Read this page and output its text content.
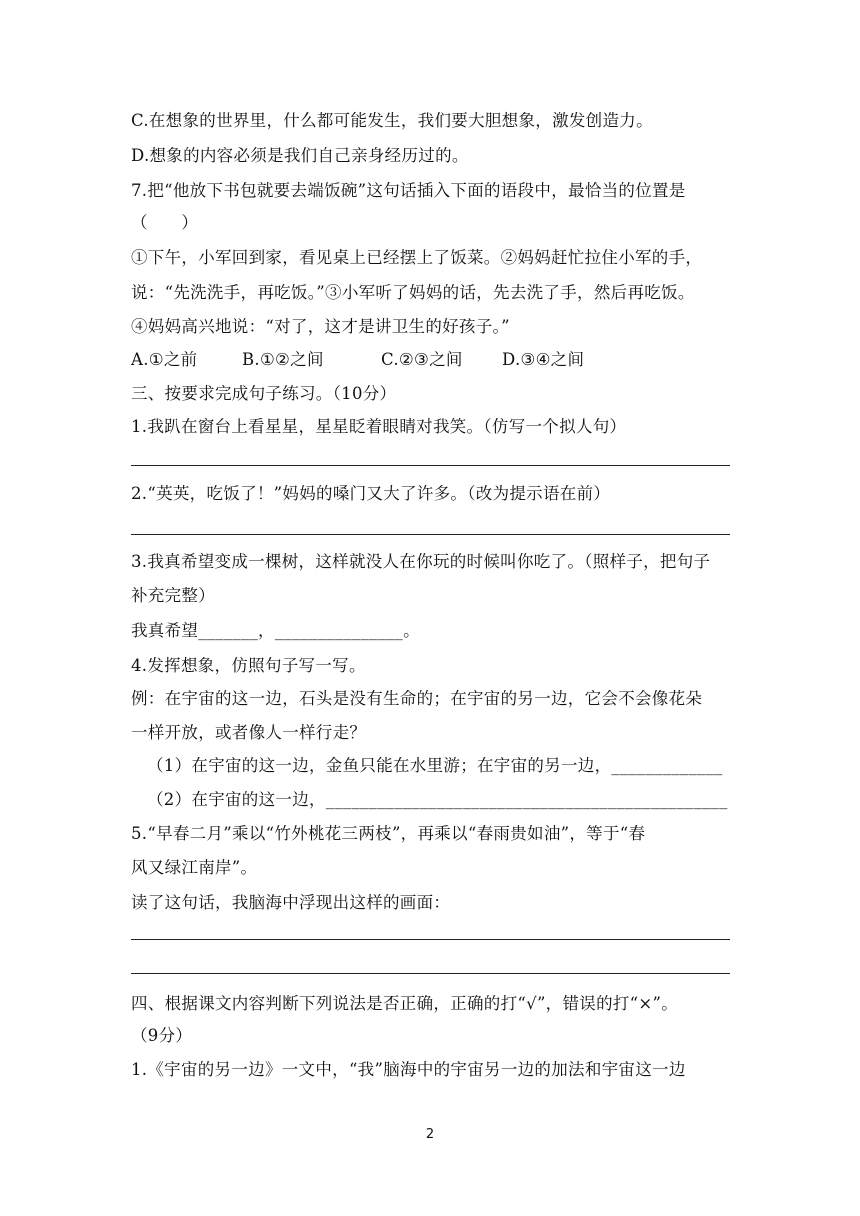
C.在想象的世界里，什么都可能发生，我们要大胆想象，激发创造力。
D.想象的内容必须是我们自己亲身经历过的。
7.把“他放下书包就要去端饭碗”这句话插入下面的语段中，最恰当的位置是
（　　）
①下午，小军回到家，看见桌上已经摆上了饭菜。②妈妈赶忙拉住小军的手，
说：“先洗洗手，再吃饭。”③小军听了妈妈的话，先去洗了手，然后再吃饭。
④妈妈高兴地说：“对了，这才是讲卫生的好孩子。”
A.①之前	B.①②之间	C.②③之间 D.③④之间
三、按要求完成句子练习。（10分）
1.我趴在窗台上看星星，星星眨着眼睛对我笑。（仿写一个拟人句）
2.“英英，吃饭了！”妈妈的嗓门又大了许多。（改为提示语在前）
3.我真希望变成一棵树，这样就没人在你玩的时候叫你吃了。（照样子，把句子
补充完整）
我真希望_______，_______________。
4.发挥想象，仿照句子写一写。
例：在宇宙的这一边，石头是没有生命的；在宇宙的另一边，它会不会像花朵
一样开放，或者像人一样行走？
（1）在宇宙的这一边，金鱼只能在水里游；在宇宙的另一边，_____________
（2）在宇宙的这一边，_______________________________________________
5.“早春二月”乘以“竹外桃花三两枝”，再乘以“春雨贵如油”，等于“春
风又绿江南岸”。
读了这句话，我脑海中浮现出这样的画面：
四、根据课文内容判断下列说法是否正确，正确的打“√”，错误的打“×”。
（9分）
1.《宇宙的另一边》一文中，“我”脑海中的宇宙另一边的加法和宇宙这一边
2
